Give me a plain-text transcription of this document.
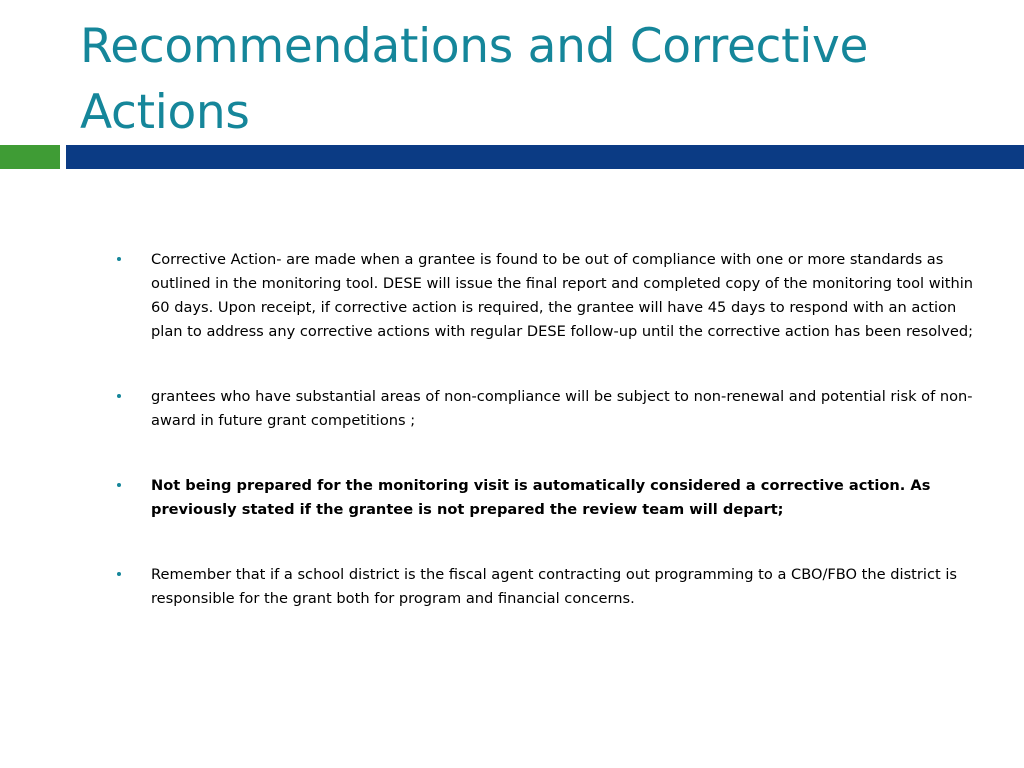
Recommendations and Corrective Actions
Corrective Action- are made when a grantee is found to be out of compliance with one or more standards as outlined in the monitoring tool. DESE will issue the final report and completed copy of the monitoring tool within 60 days. Upon receipt, if corrective action is required, the grantee will have 45 days to respond with an action plan to address any corrective actions with regular DESE follow-up until the corrective action has been resolved;
grantees who have substantial areas of non-compliance will be subject to non-renewal and potential risk of non-award in future grant competitions ;
Not being prepared for the monitoring visit is automatically considered a corrective action. As previously stated if the grantee is not prepared the review team will depart;
Remember that if a school district is the fiscal agent contracting out programming to a CBO/FBO the district is responsible for the grant both for program and financial concerns.
